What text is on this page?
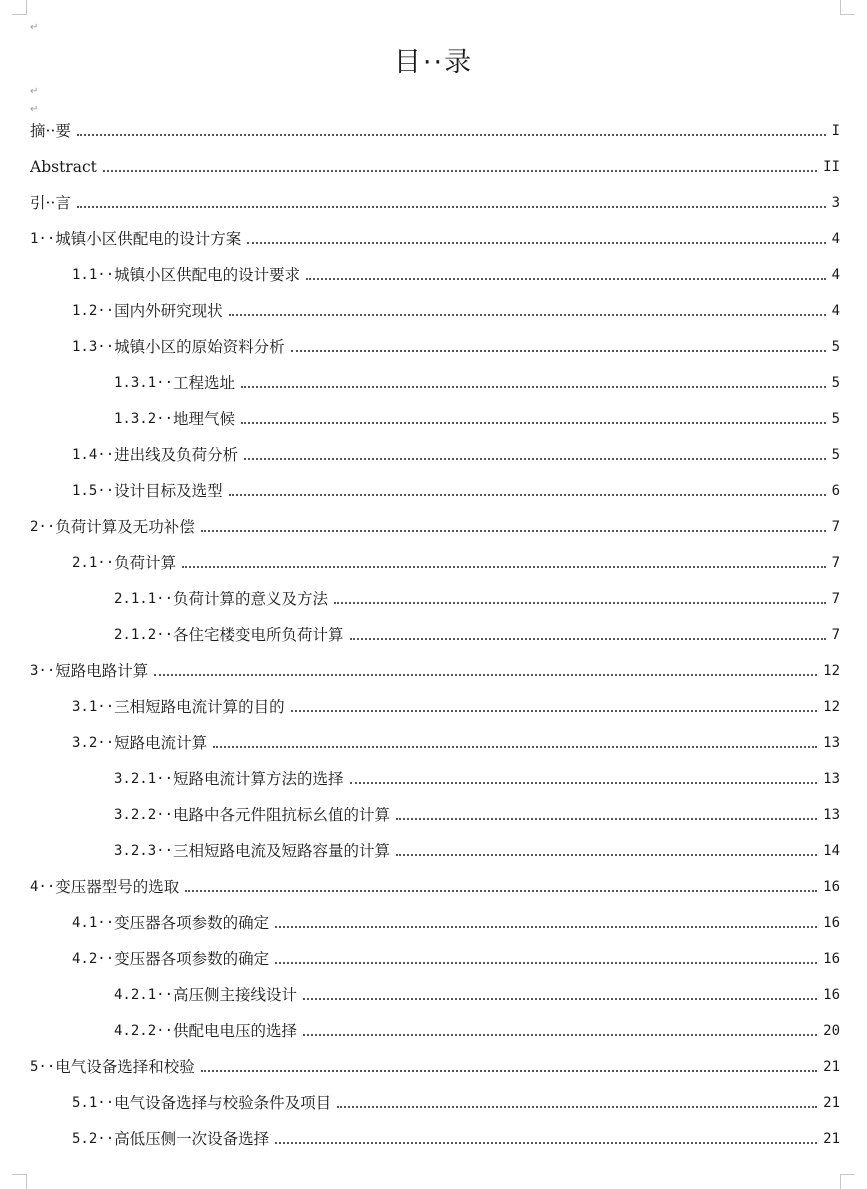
↵
↵
↵
目··录
摘··要	I
Abstract	II
引··言	3
1·· 城镇小区供配电的设计方案	4
1.1·· 城镇小区供配电的设计要求	4
1.2·· 国内外研究现状	4
1.3·· 城镇小区的原始资料分析	5
1.3.1·· 工程选址	5
1.3.2·· 地理气候	5
1.4·· 进出线及负荷分析	5
1.5·· 设计目标及选型	6
2·· 负荷计算及无功补偿	7
2.1·· 负荷计算	7
2.1.1·· 负荷计算的意义及方法	7
2.1.2·· 各住宅楼变电所负荷计算	7
3·· 短路电路计算	12
3.1·· 三相短路电流计算的目的	12
3.2·· 短路电流计算	13
3.2.1·· 短路电流计算方法的选择	13
3.2.2·· 电路中各元件阻抗标幺值的计算	13
3.2.3·· 三相短路电流及短路容量的计算	14
4·· 变压器型号的选取	16
4.1·· 变压器各项参数的确定	16
4.2·· 变压器各项参数的确定	16
4.2.1·· 高压侧主接线设计	16
4.2.2·· 供配电电压的选择	20
5·· 电气设备选择和校验	21
5.1·· 电气设备选择与校验条件及项目	21
5.2·· 高低压侧一次设备选择	21
